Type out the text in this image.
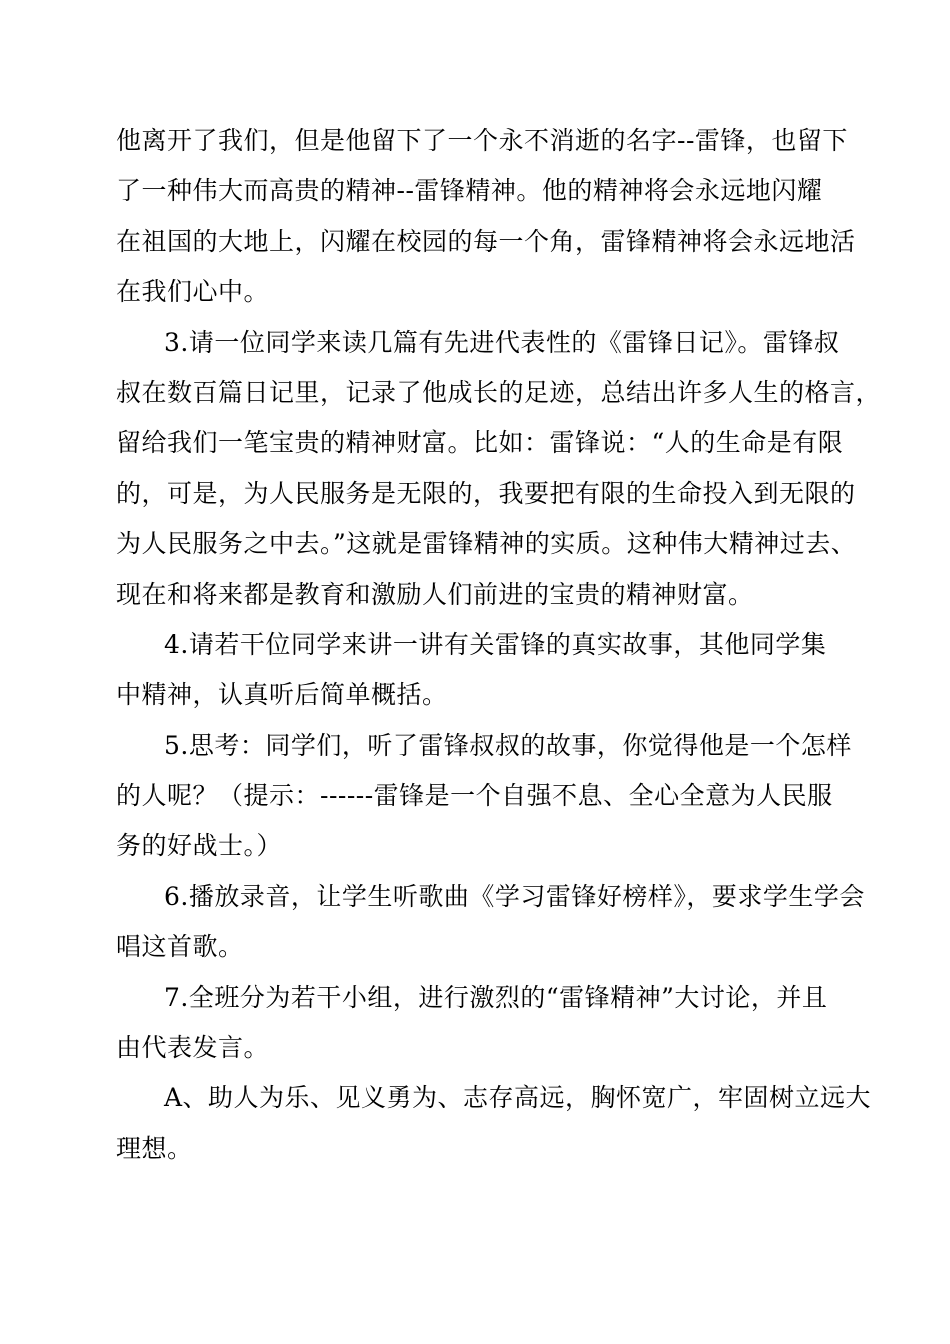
他离开了我们，但是他留下了一个永不消逝的名字--雷锋，也留下
了一种伟大而高贵的精神--雷锋精神。他的精神将会永远地闪耀
在祖国的大地上，闪耀在校园的每一个角，雷锋精神将会永远地活
在我们心中。
3.请一位同学来读几篇有先进代表性的《雷锋日记》。雷锋叔
叔在数百篇日记里，记录了他成长的足迹，总结出许多人生的格言，
留给我们一笔宝贵的精神财富。比如：雷锋说：“人的生命是有限
的，可是，为人民服务是无限的，我要把有限的生命投入到无限的
为人民服务之中去。”这就是雷锋精神的实质。这种伟大精神过去、
现在和将来都是教育和激励人们前进的宝贵的精神财富。
4.请若干位同学来讲一讲有关雷锋的真实故事，其他同学集
中精神，认真听后简单概括。
5.思考：同学们，听了雷锋叔叔的故事，你觉得他是一个怎样
的人呢？（提示：------雷锋是一个自强不息、全心全意为人民服
务的好战士。）
6.播放录音，让学生听歌曲《学习雷锋好榜样》，要求学生学会
唱这首歌。
7.全班分为若干小组，进行激烈的“雷锋精神”大讨论，并且
由代表发言。
A、助人为乐、见义勇为、志存高远，胸怀宽广，牢固树立远大
理想。
